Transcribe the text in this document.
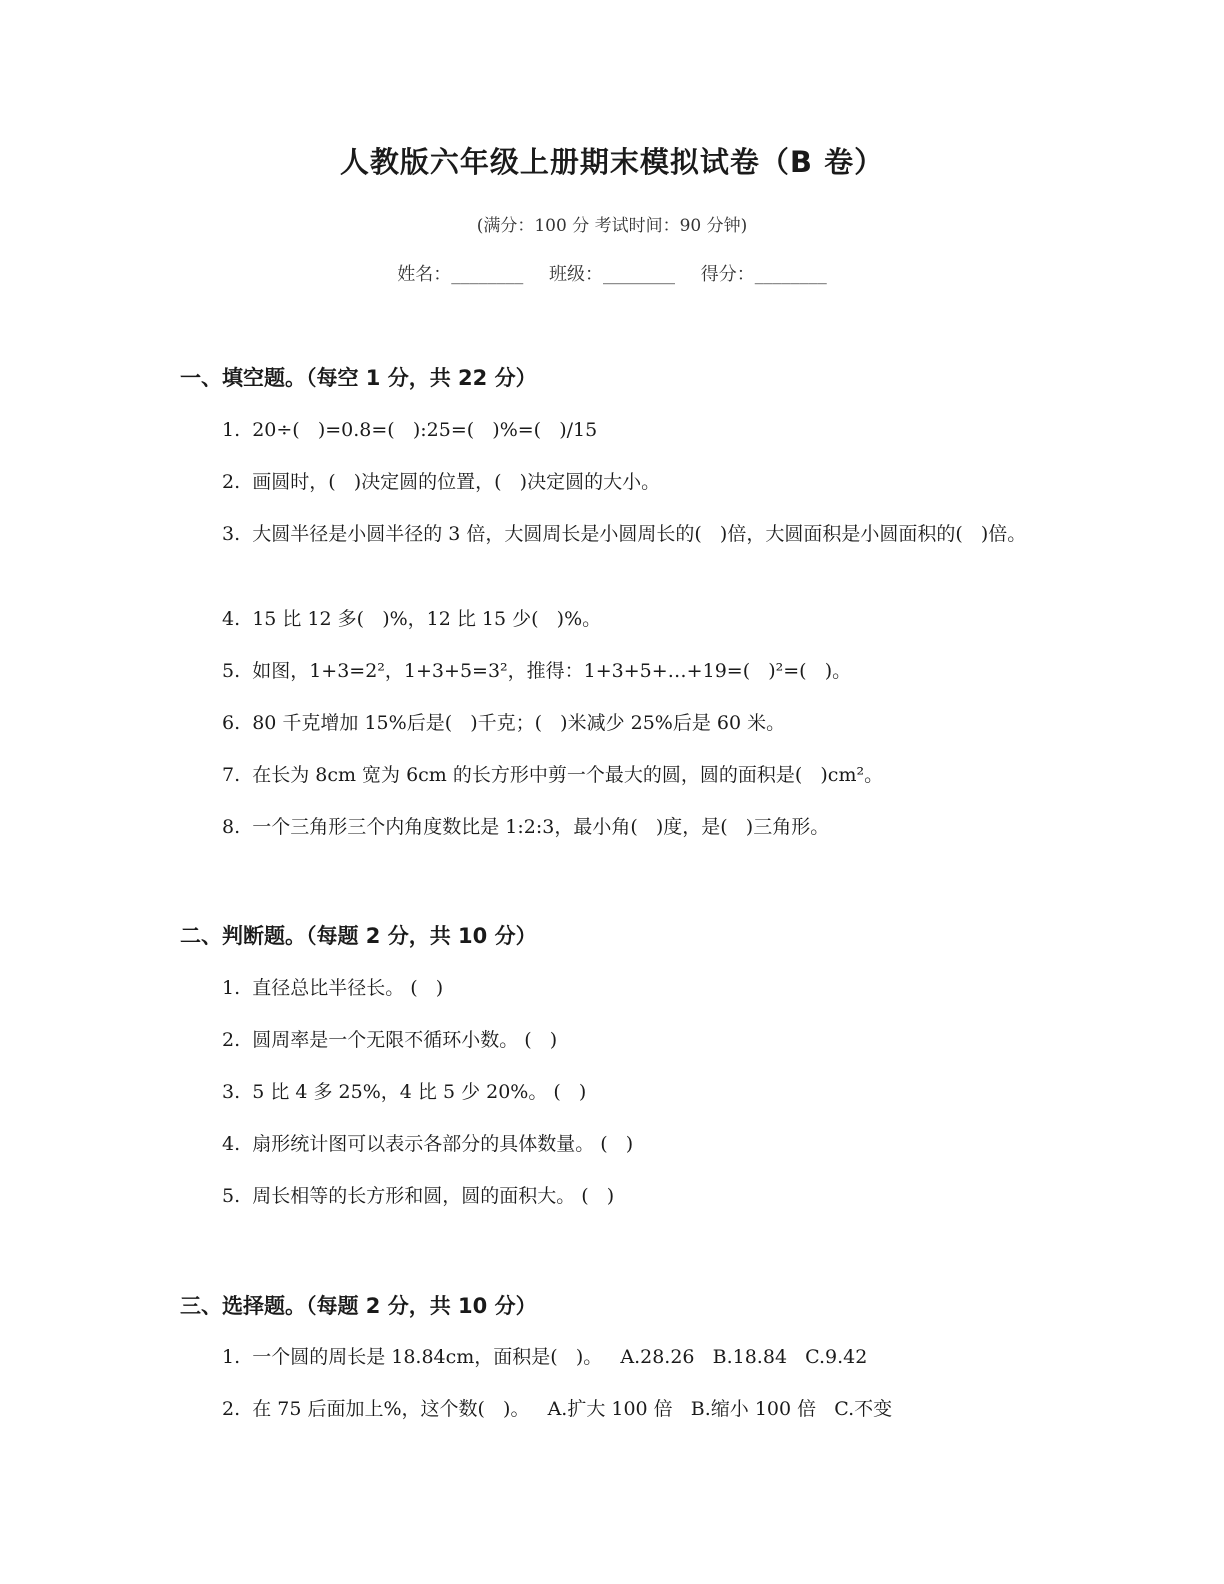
人教版六年级上册期末模拟试卷（B 卷）
(满分：100 分 考试时间：90 分钟)
姓名：________ 班级：________ 得分：________
一、填空题。（每空 1 分，共 22 分）
1.  20÷(   )=0.8=(   ):25=(   )%=(   )/15
2.  画圆时，(   )决定圆的位置，(   )决定圆的大小。
3.  大圆半径是小圆半径的 3 倍，大圆周长是小圆周长的(   )倍，大圆面积是小圆面积的(   )倍。
4.  15 比 12 多(   )%，12 比 15 少(   )%。
5.  如图，1+3=2²，1+3+5=3²，推得：1+3+5+…+19=(   )²=(   )。
6.  80 千克增加 15%后是(   )千克；(   )米减少 25%后是 60 米。
7.  在长为 8cm 宽为 6cm 的长方形中剪一个最大的圆，圆的面积是(   )cm²。
8.  一个三角形三个内角度数比是 1:2:3，最小角(   )度，是(   )三角形。
二、判断题。（每题 2 分，共 10 分）
1.  直径总比半径长。 (   )
2.  圆周率是一个无限不循环小数。 (   )
3.  5 比 4 多 25%，4 比 5 少 20%。 (   )
4.  扇形统计图可以表示各部分的具体数量。 (   )
5.  周长相等的长方形和圆，圆的面积大。 (   )
三、选择题。（每题 2 分，共 10 分）
1.  一个圆的周长是 18.84cm，面积是(   )。   A.28.26   B.18.84   C.9.42
2.  在 75 后面加上%，这个数(   )。   A.扩大 100 倍   B.缩小 100 倍   C.不变
